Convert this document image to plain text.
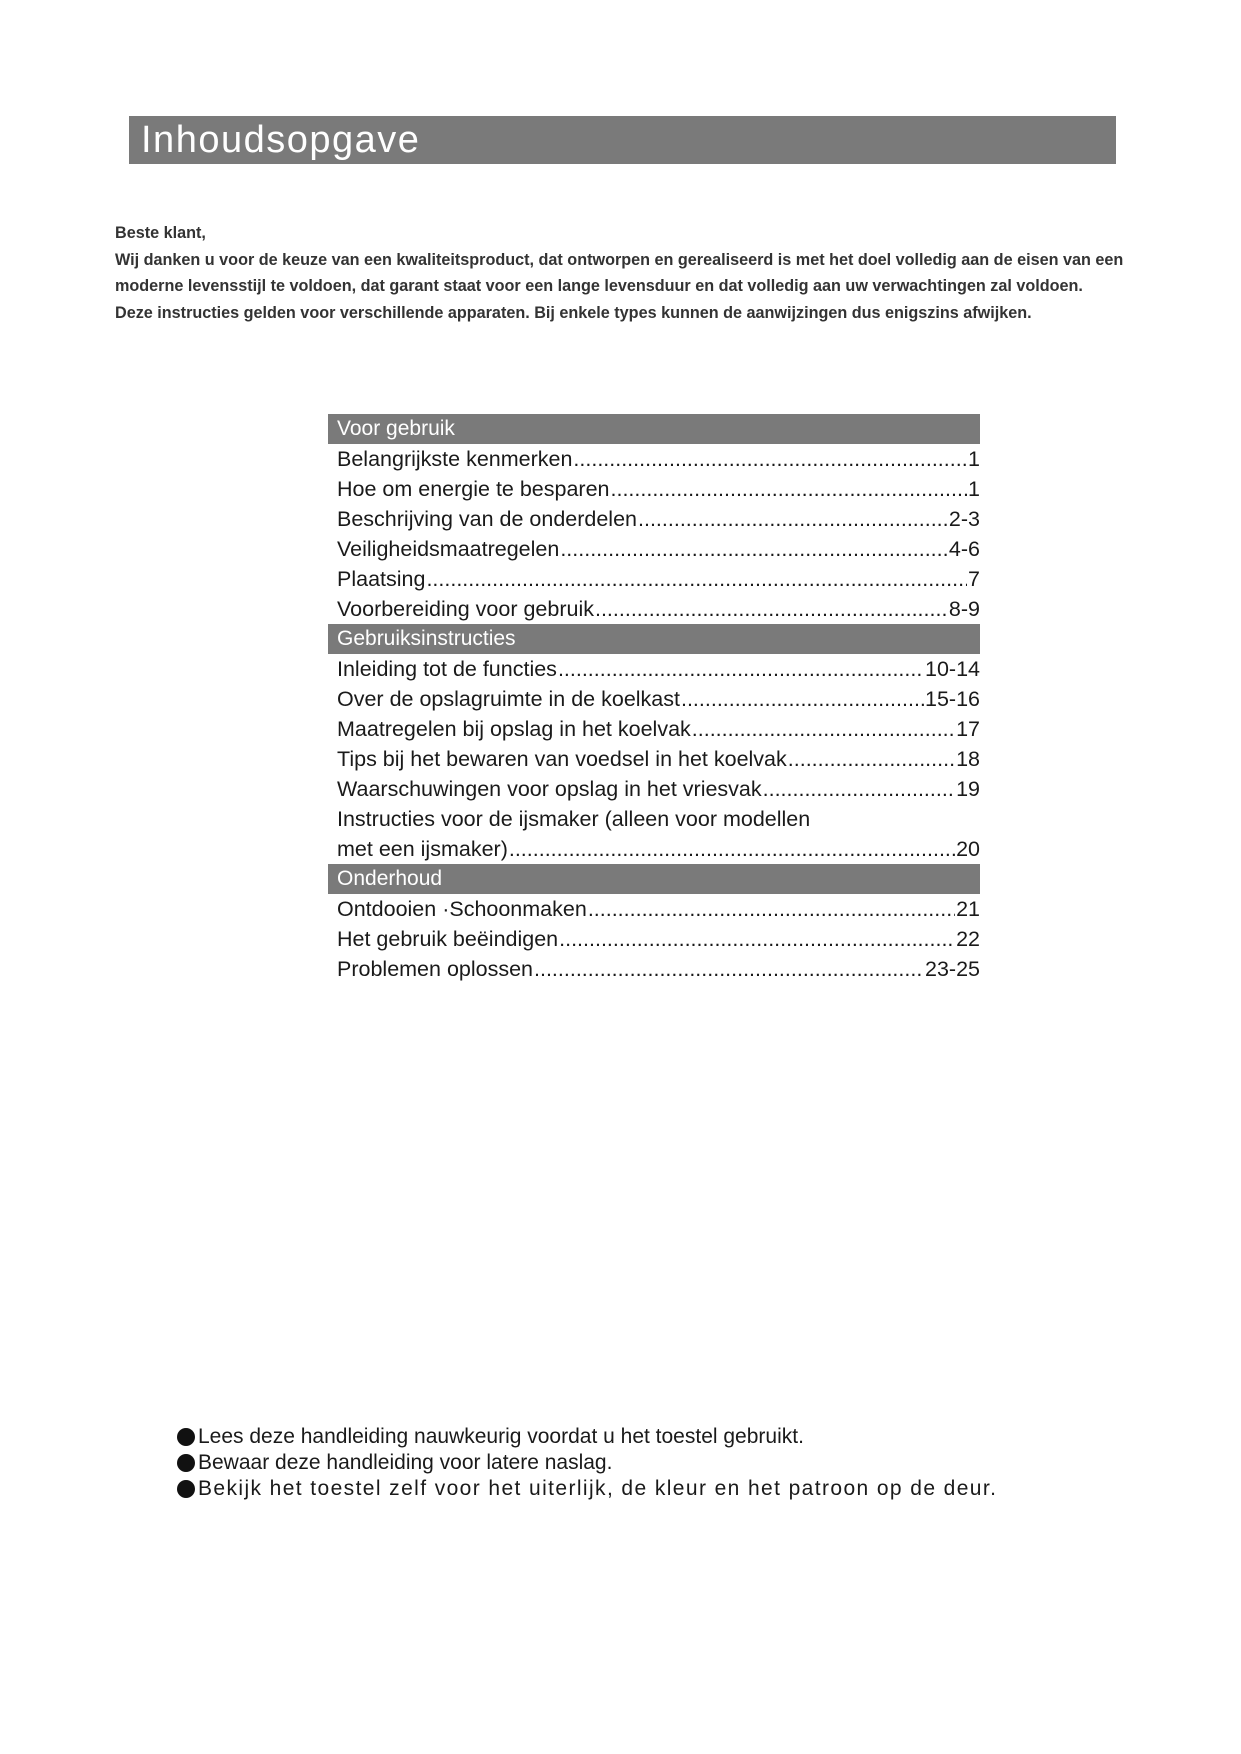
Inhoudsopgave

Beste klant,

Wij danken u voor de keuze van een kwaliteitsproduct, dat ontworpen en gerealiseerd is met het doel volledig aan de eisen van een

moderne levensstijl te voldoen, dat garant staat voor een lange levensduur en dat volledig aan uw verwachtingen zal voldoen.

Deze instructies gelden voor verschillende apparaten. Bij enkele types kunnen de aanwijzingen dus enigszins afwijken.

Voor gebruik
Belangrijkste kenmerken .....	1
Hoe om energie te besparen .....	1
Beschrijving van de onderdelen .....	2-3
Veiligheidsmaatregelen .....	4-6
Plaatsing .....	7
Voorbereiding voor gebruik .....	8-9
Gebruiksinstructies
Inleiding tot de functies .....	10-14
Over de opslagruimte in de koelkast .....	15-16
Maatregelen bij opslag in het koelvak .....	17
Tips bij het bewaren van voedsel in het koelvak .....	18
Waarschuwingen voor opslag in het vriesvak .....	19
Instructies voor de ijsmaker (alleen voor modellen
met een ijsmaker) .....	20
Onderhoud
Ontdooien ·Schoonmaken .....	21
Het gebruik beëindigen .....	22
Problemen oplossen .....	23-25
Lees deze handleiding nauwkeurig voordat u het toestel gebruikt.
Bewaar deze handleiding voor latere naslag.
Bekijk het toestel zelf voor het uiterlijk, de kleur en het patroon op de deur.
